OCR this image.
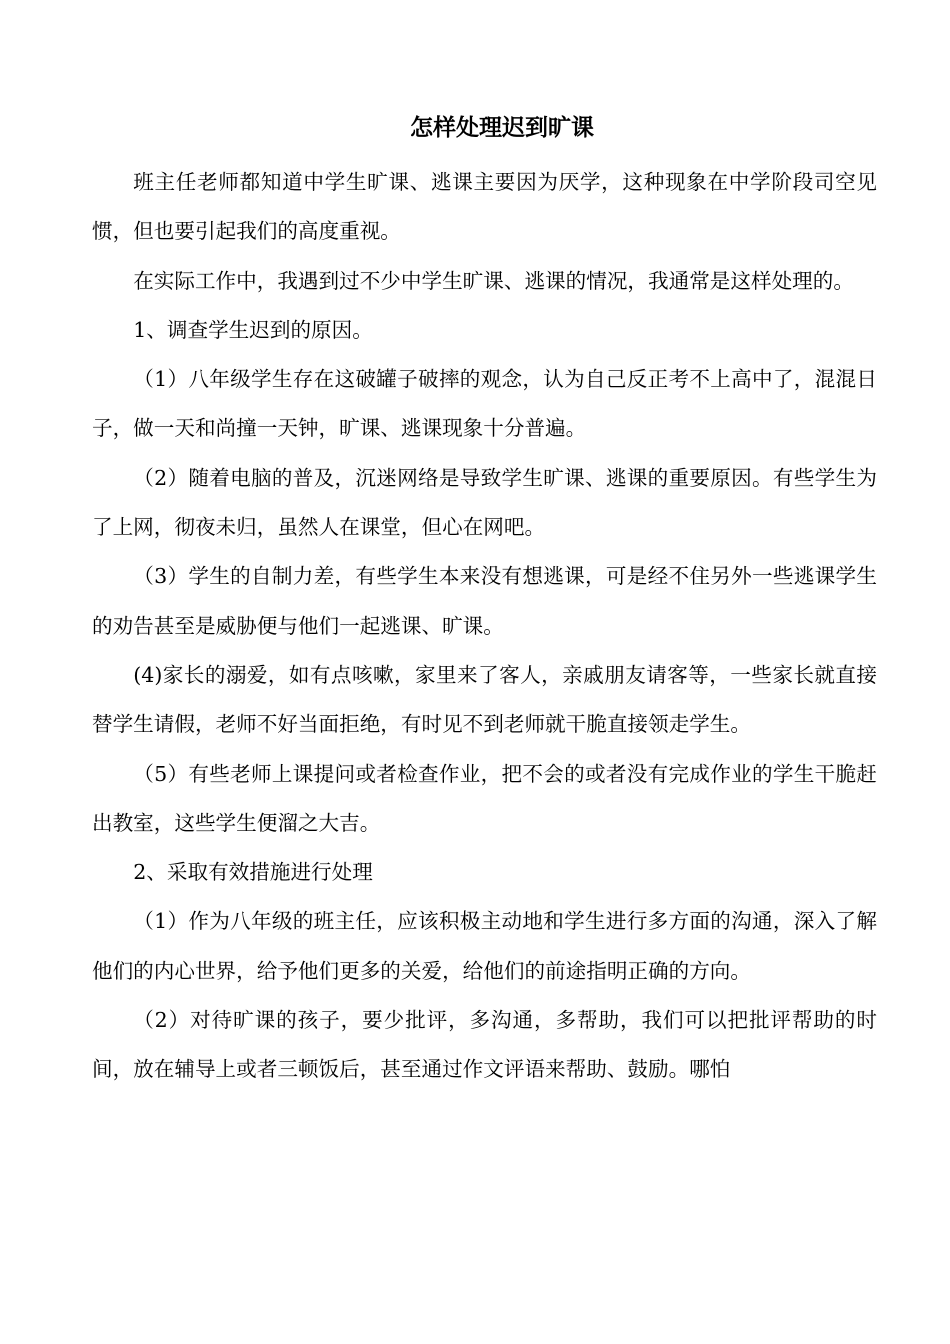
怎样处理迟到旷课

班主任老师都知道中学生旷课、逃课主要因为厌学，这种现象在中学阶段司空见惯，但也要引起我们的高度重视。

在实际工作中，我遇到过不少中学生旷课、逃课的情况，我通常是这样处理的。

1、调查学生迟到的原因。

（1）八年级学生存在这破罐子破摔的观念，认为自己反正考不上高中了，混混日子，做一天和尚撞一天钟，旷课、逃课现象十分普遍。

（2）随着电脑的普及，沉迷网络是导致学生旷课、逃课的重要原因。有些学生为了上网，彻夜未归，虽然人在课堂，但心在网吧。

（3）学生的自制力差，有些学生本来没有想逃课，可是经不住另外一些逃课学生的劝告甚至是威胁便与他们一起逃课、旷课。

(4)家长的溺爱，如有点咳嗽，家里来了客人，亲戚朋友请客等，一些家长就直接替学生请假，老师不好当面拒绝，有时见不到老师就干脆直接领走学生。

（5）有些老师上课提问或者检查作业，把不会的或者没有完成作业的学生干脆赶出教室，这些学生便溜之大吉。

2、采取有效措施进行处理

（1）作为八年级的班主任，应该积极主动地和学生进行多方面的沟通，深入了解他们的内心世界，给予他们更多的关爱，给他们的前途指明正确的方向。

（2）对待旷课的孩子，要少批评，多沟通，多帮助，我们可以把批评帮助的时间，放在辅导上或者三顿饭后，甚至通过作文评语来帮助、鼓励。哪怕
